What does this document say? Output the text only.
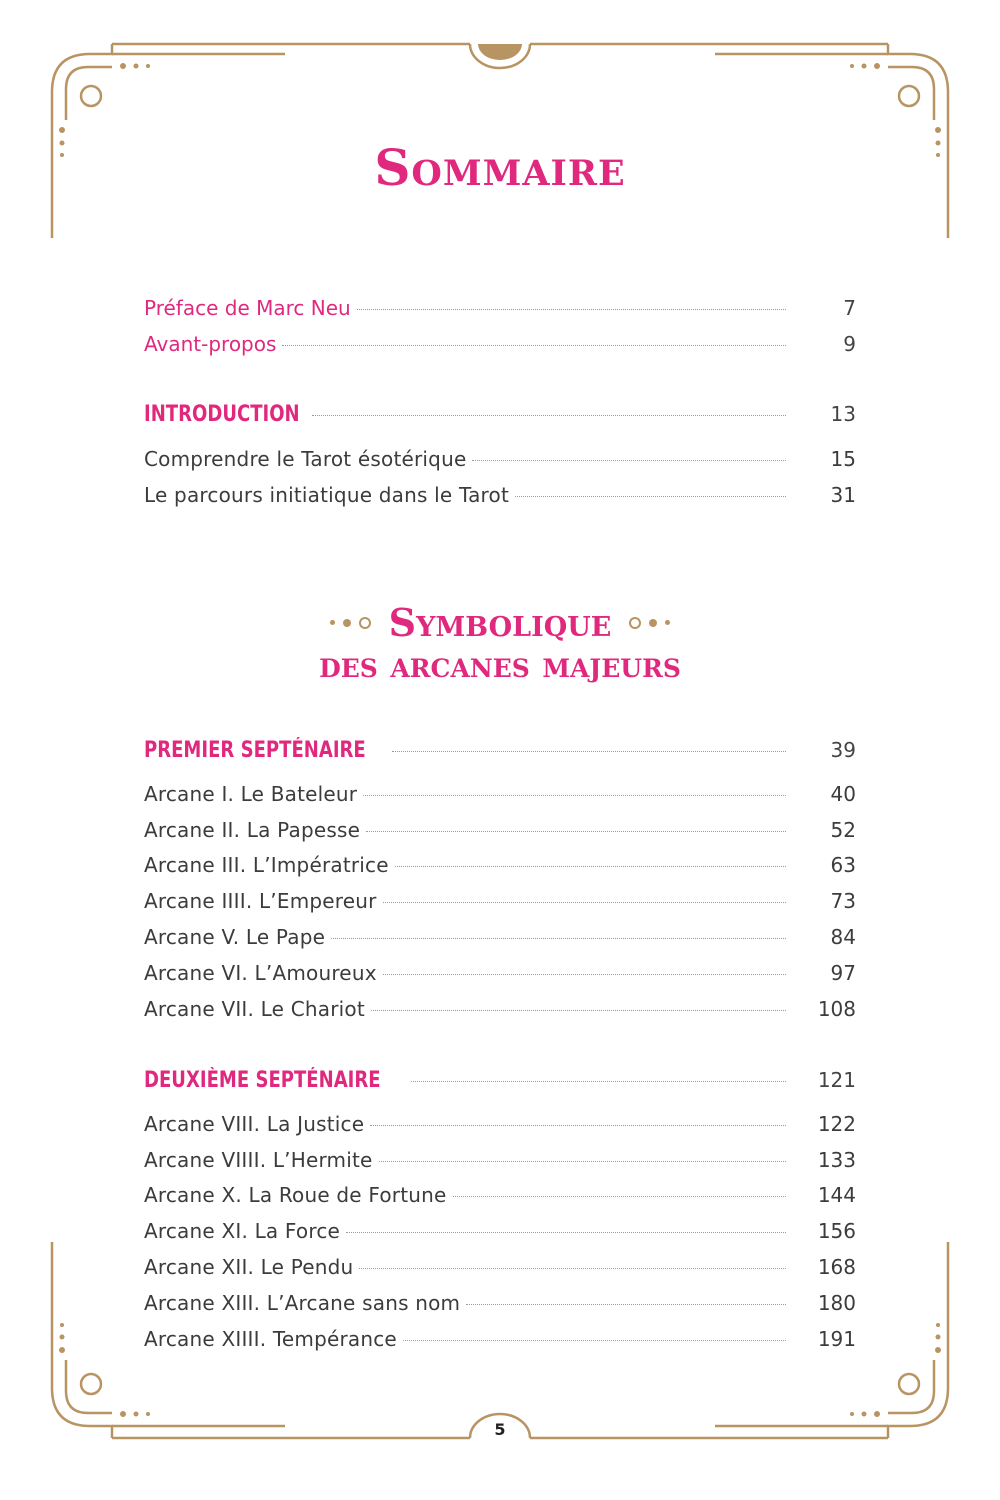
Sommaire
Préface de Marc Neu	7
Avant-propos	9
INTRODUCTION	13
Comprendre le Tarot ésotérique	15
Le parcours initiatique dans le Tarot	31
Symbolique
des arcanes majeurs
PREMIER SEPTÉNAIRE	39
Arcane I. Le Bateleur	40
Arcane II. La Papesse	52
Arcane III. L’Impératrice	63
Arcane IIII. L’Empereur	73
Arcane V. Le Pape	84
Arcane VI. L’Amoureux	97
Arcane VII. Le Chariot	108
DEUXIÈME SEPTÉNAIRE	121
Arcane VIII. La Justice	122
Arcane VIIII. L’Hermite	133
Arcane X. La Roue de Fortune	144
Arcane XI. La Force	156
Arcane XII. Le Pendu	168
Arcane XIII. L’Arcane sans nom	180
Arcane XIIII. Tempérance	191
5
